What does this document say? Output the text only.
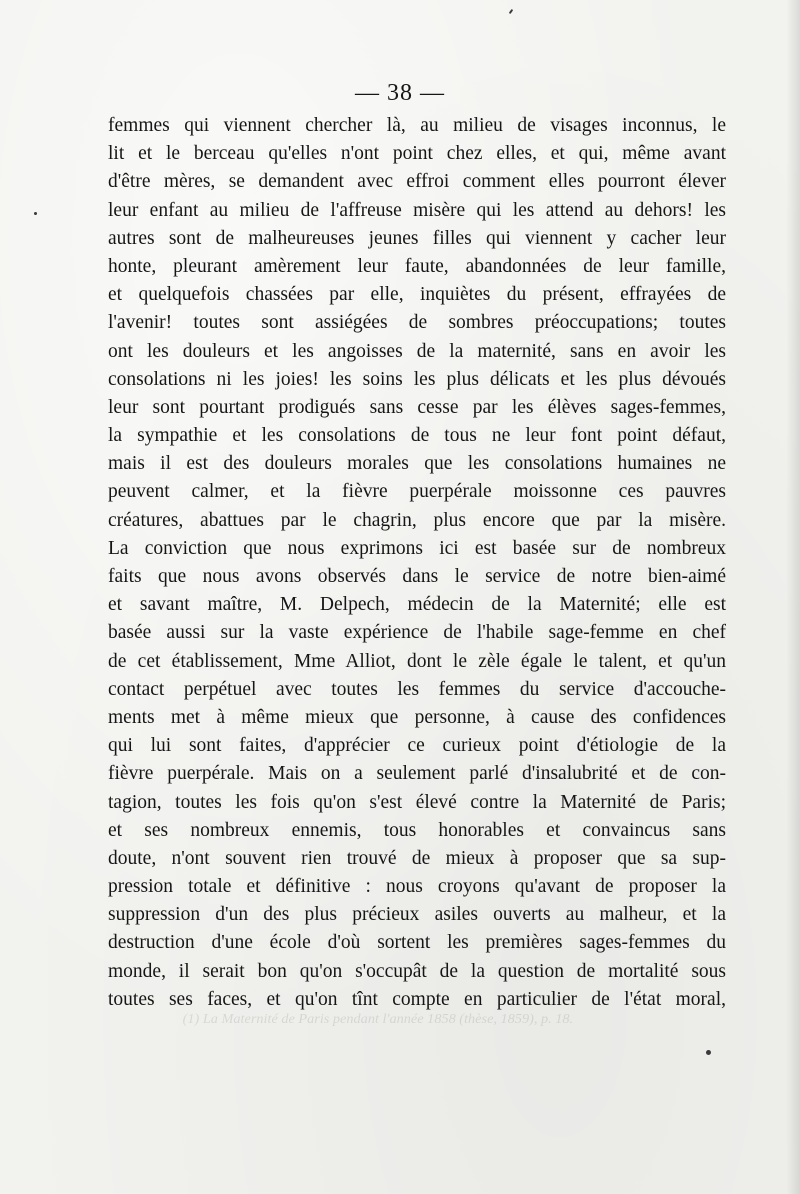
— 38 —
femmes qui viennent chercher là, au milieu de visages inconnus, le
lit et le berceau qu'elles n'ont point chez elles, et qui, même avant
d'être mères, se demandent avec effroi comment elles pourront élever
leur enfant au milieu de l'affreuse misère qui les attend au dehors! les
autres sont de malheureuses jeunes filles qui viennent y cacher leur
honte, pleurant amèrement leur faute, abandonnées de leur famille,
et quelquefois chassées par elle, inquiètes du présent, effrayées de
l'avenir! toutes sont assiégées de sombres préoccupations; toutes
ont les douleurs et les angoisses de la maternité, sans en avoir les
consolations ni les joies! les soins les plus délicats et les plus dévoués
leur sont pourtant prodigués sans cesse par les élèves sages-femmes,
la sympathie et les consolations de tous ne leur font point défaut,
mais il est des douleurs morales que les consolations humaines ne
peuvent calmer, et la fièvre puerpérale moissonne ces pauvres
créatures, abattues par le chagrin, plus encore que par la misère.
La conviction que nous exprimons ici est basée sur de nombreux
faits que nous avons observés dans le service de notre bien-aimé
et savant maître, M. Delpech, médecin de la Maternité; elle est
basée aussi sur la vaste expérience de l'habile sage-femme en chef
de cet établissement, Mme Alliot, dont le zèle égale le talent, et qu'un
contact perpétuel avec toutes les femmes du service d'accouche-
ments met à même mieux que personne, à cause des confidences
qui lui sont faites, d'apprécier ce curieux point d'étiologie de la
fièvre puerpérale. Mais on a seulement parlé d'insalubrité et de con-
tagion, toutes les fois qu'on s'est élevé contre la Maternité de Paris;
et ses nombreux ennemis, tous honorables et convaincus sans
doute, n'ont souvent rien trouvé de mieux à proposer que sa sup-
pression totale et définitive : nous croyons qu'avant de proposer la
suppression d'un des plus précieux asiles ouverts au malheur, et la
destruction d'une école d'où sortent les premières sages-femmes du
monde, il serait bon qu'on s'occupât de la question de mortalité sous
toutes ses faces, et qu'on tînt compte en particulier de l'état moral,
(1) La Maternité de Paris pendant l'année 1858 (thèse, 1859), p. 18.
